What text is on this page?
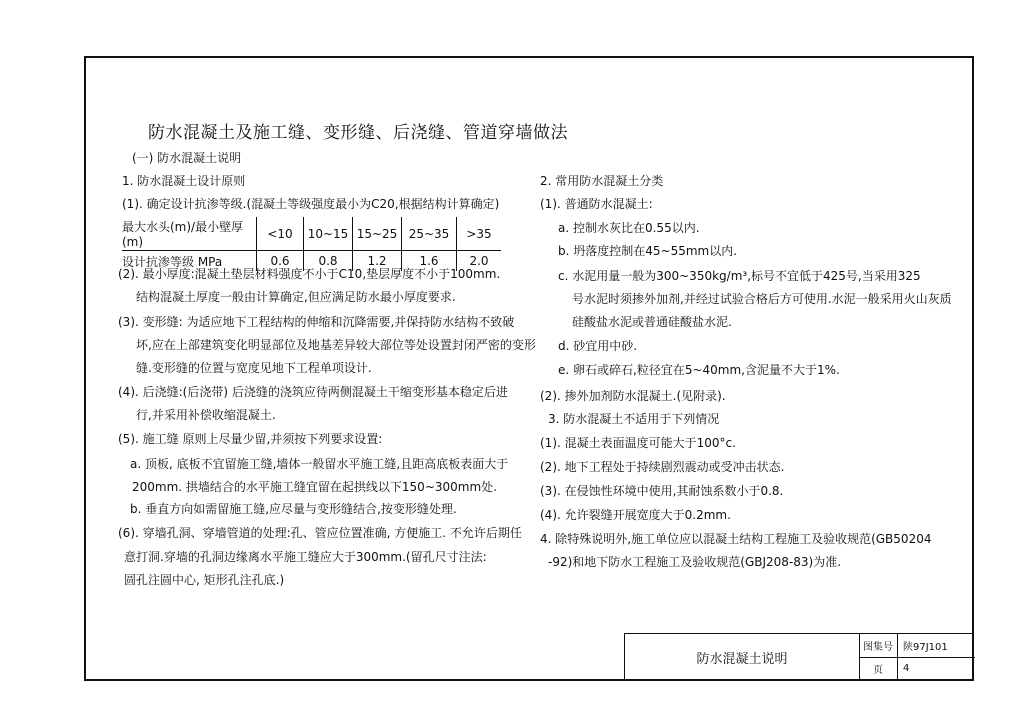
防水混凝土及施工缝、变形缝、后浇缝、管道穿墙做法
(一) 防水混凝土说明
1. 防水混凝土设计原则
(1). 确定设计抗渗等级.(混凝土等级强度最小为C20,根据结构计算确定)
最大水头(m)/最小壁厚(m)	<10	10~15	15~25	25~35	>35
设计抗渗等级 MPa	0.6	0.8	1.2	1.6	2.0
(2). 最小厚度:混凝土垫层材料强度不小于C10,垫层厚度不小于100mm.
结构混凝土厚度一般由计算确定,但应满足防水最小厚度要求.
(3). 变形缝: 为适应地下工程结构的伸缩和沉降需要,并保持防水结构不致破
坏,应在上部建筑变化明显部位及地基差异较大部位等处设置封闭严密的变形
缝.变形缝的位置与宽度见地下工程单项设计.
(4). 后浇缝:(后浇带) 后浇缝的浇筑应待两侧混凝土干缩变形基本稳定后进
行,并采用补偿收缩混凝土.
(5). 施工缝 原则上尽量少留,并须按下列要求设置:
a. 顶板, 底板不宜留施工缝,墙体一般留水平施工缝,且距高底板表面大于
200mm. 拱墙结合的水平施工缝宜留在起拱线以下150~300mm处.
b. 垂直方向如需留施工缝,应尽量与变形缝结合,按变形缝处理.
(6). 穿墙孔洞、穿墙管道的处理:孔、管应位置准确, 方便施工. 不允许后期任
意打洞.穿墙的孔洞边缘离水平施工缝应大于300mm.(留孔尺寸注法:
圆孔注圆中心, 矩形孔注孔底.)
2. 常用防水混凝土分类
(1). 普通防水混凝土:
a. 控制水灰比在0.55以内.
b. 坍落度控制在45~55mm以内.
c. 水泥用量一般为300~350kg/m³,标号不宜低于425号,当采用325
号水泥时须掺外加剂,并经过试验合格后方可使用.水泥一般采用火山灰质
硅酸盐水泥或普通硅酸盐水泥.
d. 砂宜用中砂.
e. 卵石或碎石,粒径宜在5~40mm,含泥量不大于1%.
(2). 掺外加剂防水混凝土.(见附录).
3. 防水混凝土不适用于下列情况
(1). 混凝土表面温度可能大于100°c.
(2). 地下工程处于持续剧烈震动或受冲击状态.
(3). 在侵蚀性环境中使用,其耐蚀系数小于0.8.
(4). 允许裂缝开展宽度大于0.2mm.
4. 除特殊说明外,施工单位应以混凝土结构工程施工及验收规范(GB50204
-92)和地下防水工程施工及验收规范(GBJ208-83)为准.
防水混凝土说明
图集号	陕97J101
页	4
